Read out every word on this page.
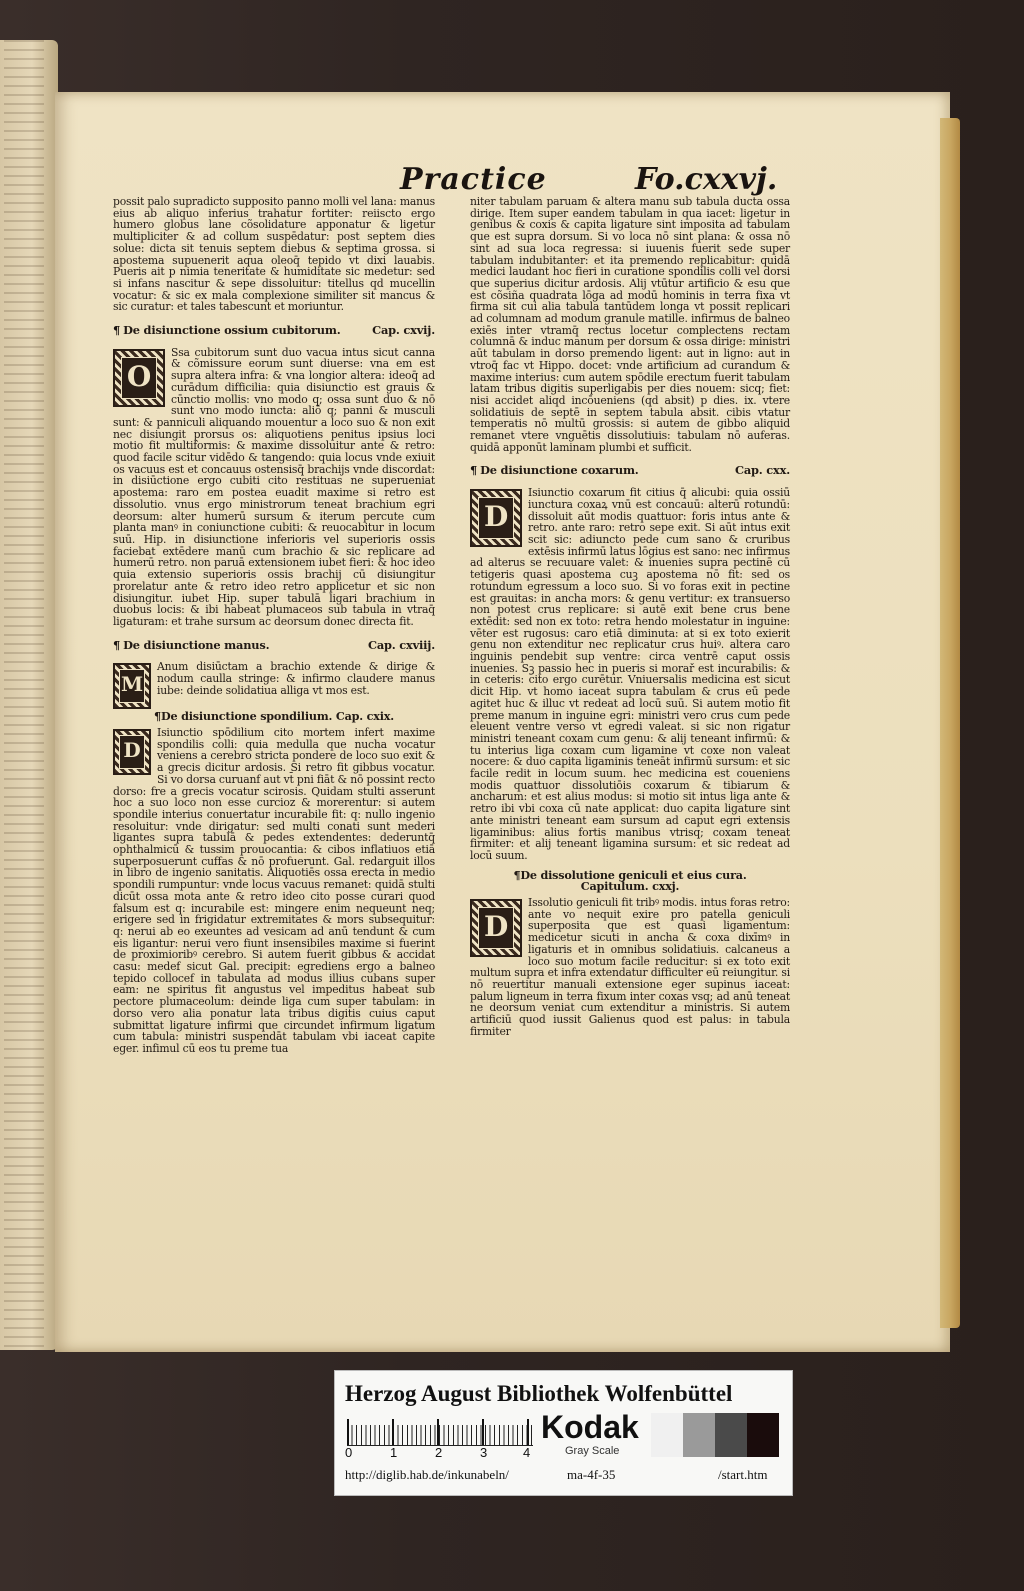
Practice	Fo.cxxvj.

possit palo supradicto supposito panno molli vel lana: manus eius ab aliquo inferius trahatur fortiter: reiiscto ergo humero globus lane cõsolidature apponatur & ligetur multipliciter & ad collum suspēdatur: post septem dies solue: dicta sit tenuis septem diebus & septima grossa. si apostema supuenerit aqua oleoq̄ tepido vt dixi lauabis. Pueris ait p nimia teneritate & humiditate sic medetur: sed si infans nascitur & sepe dissoluitur: titellus qd mucellin vocatur: & sic ex mala complexione similiter sit mancus & sic curatur: et tales tabescunt et moriuntur.

¶ De disiunctione ossium cubitorum.	Cap. cxvij.
O

Ssa cubitorum sunt duo vacua intus sicut canna & cõmissure eorum sunt diuerse: vna em est supra altera infra: & vna longior altera: ideoq̄ ad curādum difficilia: quia disiunctio est grauis & cūnctio mollis: vno modo q; ossa sunt duo & nō sunt vno modo iuncta: aliō q; panni & musculi sunt: & panniculi aliquando mouentur a loco suo & non exit nec disiungit prorsus os: aliquotiens penitus ipsius loci motio fit multiformis: & maxime dissoluitur ante & retro: quod facile scitur vidēdo & tangendo: quia locus vnde exiuit os vacuus est et concauus ostensisq̄ brachijs vnde discordat: in disiūctione ergo cubiti cito restituas ne superueniat apostema: raro em postea euadit maxime si retro est dissolutio. vnus ergo ministrorum teneat brachium egri deorsum: alter humerū sursum & iterum percute cum planta manꝰ in coniunctione cubiti: & reuocabitur in locum suū. Hip. in disiunctione inferioris vel superioris ossis faciebat extēdere manū cum brachio & sic replicare ad humerū retro. non paruā extensionem iubet fieri: & hoc ideo quia extensio superioris ossis brachij cū disiungitur prorelatur ante & retro ideo retro applicetur et sic non disiungitur. iubet Hip. super tabulā ligari brachium in duobus locis: & ibi habeat plumaceos sub tabula in vtraq̄ ligaturam: et trahe sursum ac deorsum donec directa fit.

¶ De disiunctione manus.	Cap. cxviij.
M

Anum disiūctam a brachio extende & dirige & nodum caulla stringe: & infirmo claudere manus iube: deinde solidatiua alliga vt mos est.

¶De disiunctione spondilium. Cap. cxix.
D

Isiunctio spōdilium cito mortem infert maxime spondilis colli: quia medulla que nucha vocatur veniens a cerebro stricta pondere de loco suo exit & a grecis dicitur ardosis. Si retro fit gibbus vocatur. Si vo dorsa curuanf aut vt̄ pni fiāt & nō possint recto dorso: fre a grecis vocatur scirosis. Quidam stulti asserunt hoc a suo loco non esse curcioz & morerentur: si autem spondile interius conuertatur incurabile fit: q: nullo ingenio resoluitur: vnde dirigatur: sed multi conati sunt mederi ligantes supra tabulā & pedes extendentes: dederuntq̄ ophthalmicū & tussim prouocantia: & cibos inflatiuos etiā superposuerunt cuffas & nō profuerunt. Gal. redarguit illos in libro de ingenio sanitatis. Aliquotiēs ossa erecta in medio spondili rumpuntur: vnde locus vacuus remanet: quidā stulti dicūt ossa mota ante & retro ideo cito posse curari quod falsum est q: incurabile est: mingere enim nequeunt neq; erigere sed in frigidatur extremitates & mors subsequitur: q: nerui ab eo exeuntes ad vesicam ad anū tendunt & cum eis ligantur: nerui vero fiunt insensibiles maxime si fuerint de proximioribꝰ cerebro. Si autem fuerit gibbus & accidat casu: medef sicut Gal. precipit: egrediens ergo a balneo tepido collocef in tabulata ad modus illius cubans super eam: ne spiritus fit angustus vel impeditus habeat sub pectore plumaceolum: deinde liga cum super tabulam: in dorso vero alia ponatur lata tribus digitis cuius caput submittat ligature infirmi que circundet infirmum ligatum cum tabula: ministri suspendāt tabulam vbi iaceat capite eger. infimul cū eos tu preme tua

niter tabulam paruam & altera manu sub tabula ducta ossa dirige. Item super eandem tabulam in qua iacet: ligetur in genibus & coxis & capita ligature sint imposita ad tabulam que est supra dorsum. Si vo loca nō sint plana: & ossa nō sint ad sua loca regressa: si iuuenis fuerit sede super tabulam indubitanter: et ita premendo replicabitur: quidā medici laudant hoc fieri in curatione spondilis colli vel dorsi que superius dicitur ardosis. Alij vtūtur artificio & esu que est cõsiña quadrata lōga ad modū hominis in terra fixa vt firma sit cui alia tabula tantūdem longa vt possit replicari ad columnam ad modum granule matille. infirmus de balneo exiēs inter vtramq̄ rectus locetur complectens rectam columnā & induc manum per dorsum & ossa dirige: ministri aūt tabulam in dorso premendo ligent: aut in ligno: aut in vtroq̄ fac vt Hippo. docet: vnde artificium ad curandum & maxime interius: cum autem spōdile erectum fuerit tabulam latam tribus digitis superligabis per dies nouem: sicq; fiet: nisi accidet aliqd incōueniens (qd absit) p dies. ix. vtere solidatiuis de septē in septem tabula absit. cibis vtatur temperatis nō multū grossis: si autem de gibbo aliquid remanet vtere vnguētis dissolutiuis: tabulam nō auferas. quidā apponūt laminam plumbi et sufficit.

¶ De disiunctione coxarum.	Cap. cxx.
D

Isiunctio coxarum fit citius q̄ alicubi: quia ossiū iunctura coxaꝝ vnū est concauū: alterū rotundū: dissoluit aūt modis quattuor: foris intus ante & retro. ante raro: retro sepe exit. Si aūt intus exit scit sic: adiuncto pede cum sano & cruribus extēsis infirmū latus lōgius est sano: nec infirmus ad alterus se recuuare valet: & inuenies supra pectinē cū tetigeris quasi apostema cuꝫ apostema nō fit: sed os rotundum egressum a loco suo. Si vo foras exit in pectine est grauitas: in ancha mors: & genu vertitur: ex transuerso non potest crus replicare: si autē exit bene crus bene extēdit: sed non ex toto: retra hendo molestatur in inguine: vēter est rugosus: caro etiā diminuta: at si ex toto exierit genu non extenditur nec replicatur crus huiꝰ. altera caro inguinis pendebit sup ventre: circa ventrē caput ossis inuenies. Sꝫ passio hec in pueris si morař est incurabilis: & in ceteris: cito ergo curētur. Vniuersalis medicina est sicut dicit Hip. vt homo iaceat supra tabulam & crus eū pede agitet huc & illuc vt redeat ad locū suū. Si autem motio fit preme manum in inguine egri: ministri vero crus cum pede eleuent ventre verso vt egredi valeat. si sic non rigatur ministri teneant coxam cum genu: & alij teneant infirmū: & tu interius liga coxam cum ligamine vt coxe non valeat nocere: & duo capita ligaminis teneāt infirmū sursum: et sic facile redit in locum suum. hec medicina est coueniens modis quattuor dissolutiōis coxarum & tibiarum & ancharum: et est alius modus: si motio sit intus liga ante & retro ibi vbi coxa cū nate applicat: duo capita ligature sint ante ministri teneant eam sursum ad caput egri extensis ligaminibus: alius fortis manibus vtrisq; coxam teneat firmiter: et alij teneant ligamina sursum: et sic redeat ad locū suum.

¶De dissolutione geniculi et eius cura.
Capitulum. cxxj.
D

Issolutio geniculi fit tribꝰ modis. intus foras retro: ante vo nequit exire pro patella geniculi superposita que est quasi ligamentum: medicetur sicuti in ancha & coxa dixīmꝰ in ligaturis et in omnibus solidatiuis. calcaneus a loco suo motum facile reducitur: si ex toto exit multum supra et infra extendatur difficulter eū reiungitur. si nō reuertitur manuali extensione eger supinus iaceat: palum ligneum in terra fixum inter coxas vsq; ad anū teneat ne deorsum veniat cum extenditur a ministris. Si autem artificiū quod iussit Galienus quod est palus: in tabula firmiter

Herzog August Bibliothek Wolfenbüttel
0	1	2	3	4
Kodak
Gray Scale
http://diglib.hab.de/inkunabeln/	ma-4f-35	/start.htm
